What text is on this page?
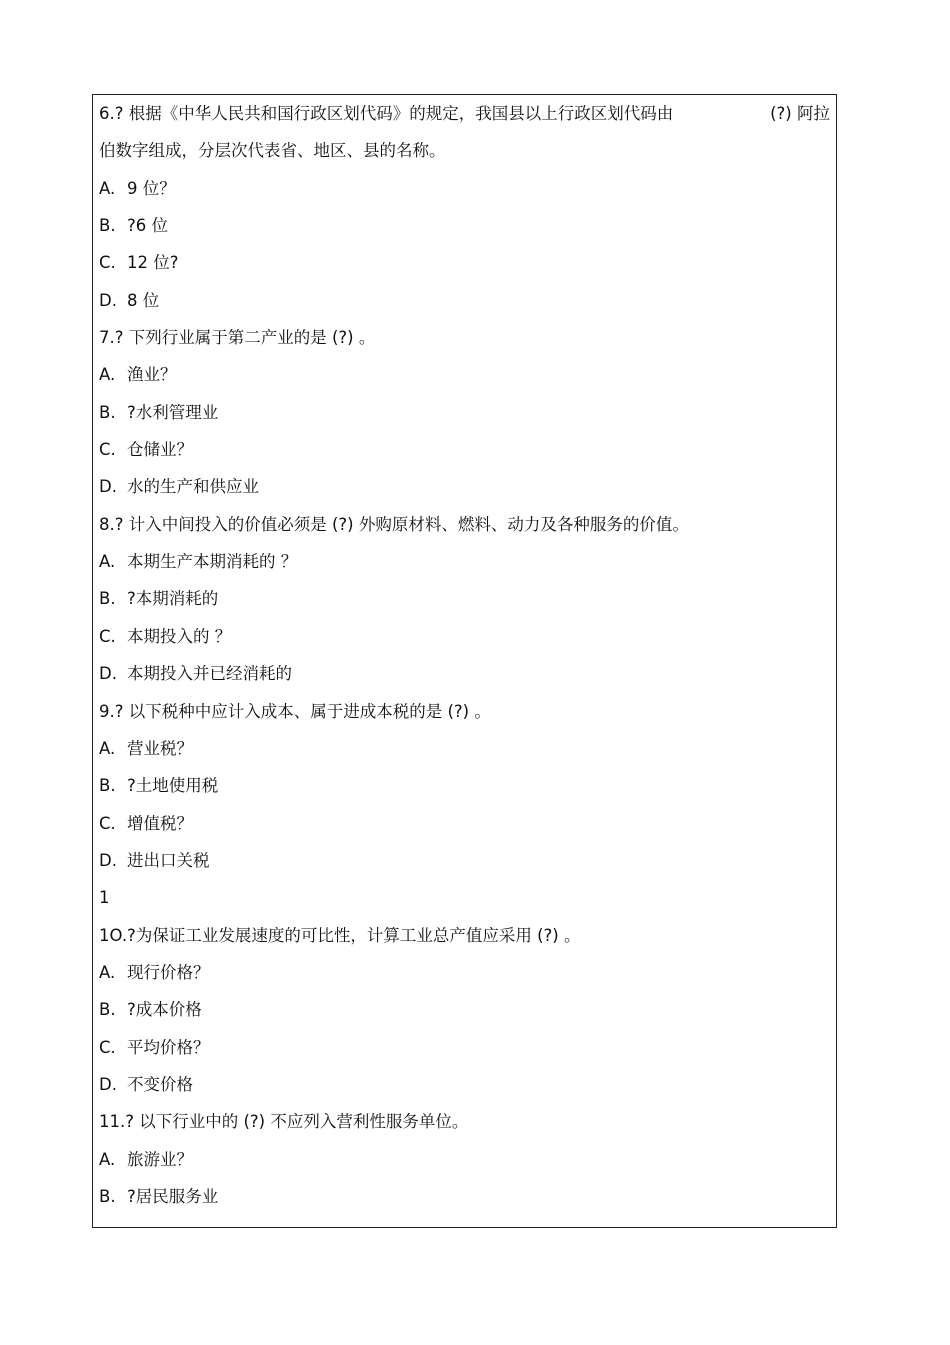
6.? 根据《中华人民共和国行政区划代码》的规定，我国县以上行政区划代码由	(?) 阿拉
伯数字组成，分层次代表省、地区、县的名称。
A. 9 位？
B. ?6 位
C. 12 位?
D. 8 位
7.? 下列行业属于第二产业的是 (?) 。
A. 渔业？
B. ?水利管理业
C. 仓储业？
D. 水的生产和供应业
8.? 计入中间投入的价值必须是 (?) 外购原材料、燃料、动力及各种服务的价值。
A. 本期生产本期消耗的 ？
B. ?本期消耗的
C. 本期投入的 ？
D. 本期投入并已经消耗的
9.? 以下税种中应计入成本、属于进成本税的是 (?) 。
A. 营业税？
B. ?土地使用税
C. 增值税？
D. 进出口关税
1
1O.?为保证工业发展速度的可比性，计算工业总产值应采用 (?) 。
A. 现行价格？
B. ?成本价格
C. 平均价格？
D. 不变价格
11.? 以下行业中的 (?) 不应列入营利性服务单位。
A. 旅游业？
B. ?居民服务业
